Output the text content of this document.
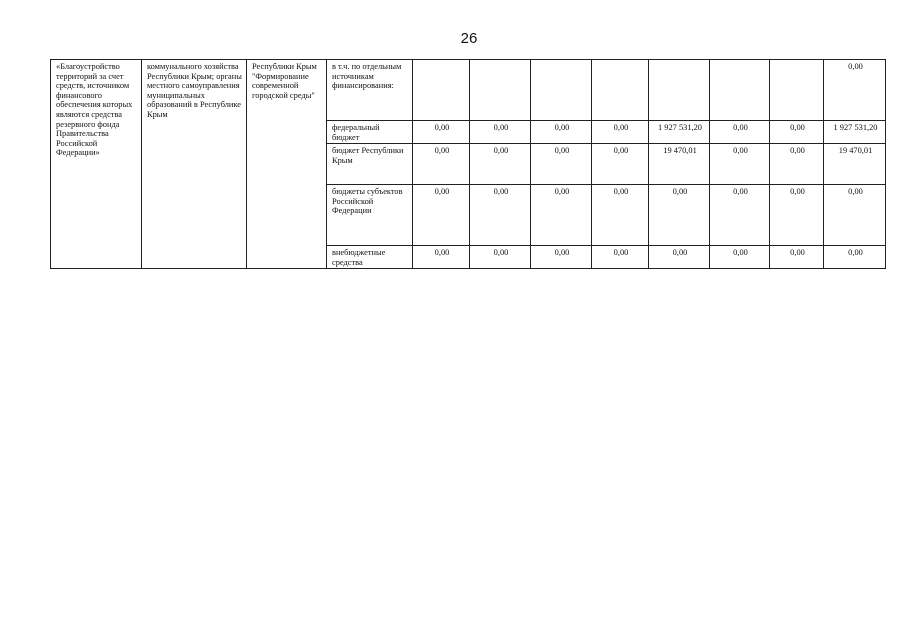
26
«Благоустройство территорий за счет средств, источником финансового обеспечения которых являются средства резервного фонда Правительства Российской Федерации»	коммунального хозяйства Республики Крым; органы местного самоуправления муниципальных образований в Республике Крым	Республики Крым "Формирование современной городской среды"	в т.ч. по отдельным источникам финансирования:								0,00
			федеральный бюджет	0,00	0,00	0,00	0,00	1 927 531,20	0,00	0,00	1 927 531,20
			бюджет Республики Крым	0,00	0,00	0,00	0,00	19 470,01	0,00	0,00	19 470,01
			бюджеты субъектов Российской Федерации	0,00	0,00	0,00	0,00	0,00	0,00	0,00	0,00
			внебюджетные средства	0,00	0,00	0,00	0,00	0,00	0,00	0,00	0,00
